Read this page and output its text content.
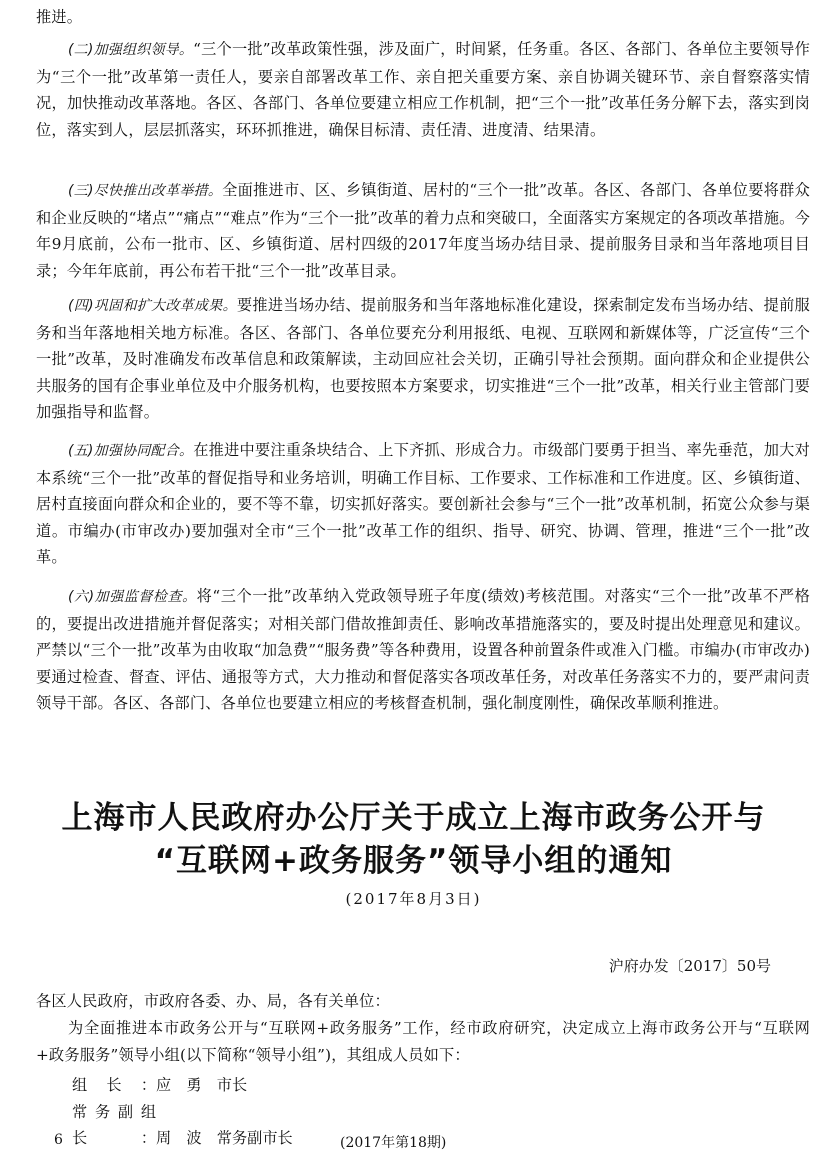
推进。

(二)加强组织领导。“三个一批”改革政策性强，涉及面广，时间紧，任务重。各区、各部门、各单位主要领导作为“三个一批”改革第一责任人，要亲自部署改革工作、亲自把关重要方案、亲自协调关键环节、亲自督察落实情况，加快推动改革落地。各区、各部门、各单位要建立相应工作机制，把“三个一批”改革任务分解下去，落实到岗位，落实到人，层层抓落实，环环抓推进，确保目标清、责任清、进度清、结果清。

(三)尽快推出改革举措。全面推进市、区、乡镇街道、居村的“三个一批”改革。各区、各部门、各单位要将群众和企业反映的“堵点”“痛点”“难点”作为“三个一批”改革的着力点和突破口，全面落实方案规定的各项改革措施。今年9月底前，公布一批市、区、乡镇街道、居村四级的2017年度当场办结目录、提前服务目录和当年落地项目目录；今年年底前，再公布若干批“三个一批”改革目录。

(四)巩固和扩大改革成果。要推进当场办结、提前服务和当年落地标准化建设，探索制定发布当场办结、提前服务和当年落地相关地方标准。各区、各部门、各单位要充分利用报纸、电视、互联网和新媒体等，广泛宣传“三个一批”改革，及时准确发布改革信息和政策解读，主动回应社会关切，正确引导社会预期。面向群众和企业提供公共服务的国有企事业单位及中介服务机构，也要按照本方案要求，切实推进“三个一批”改革，相关行业主管部门要加强指导和监督。

(五)加强协同配合。在推进中要注重条块结合、上下齐抓、形成合力。市级部门要勇于担当、率先垂范，加大对本系统“三个一批”改革的督促指导和业务培训，明确工作目标、工作要求、工作标准和工作进度。区、乡镇街道、居村直接面向群众和企业的，要不等不靠，切实抓好落实。要创新社会参与“三个一批”改革机制，拓宽公众参与渠道。市编办(市审改办)要加强对全市“三个一批”改革工作的组织、指导、研究、协调、管理，推进“三个一批”改革。

(六)加强监督检查。将“三个一批”改革纳入党政领导班子年度(绩效)考核范围。对落实“三个一批”改革不严格的，要提出改进措施并督促落实；对相关部门借故推卸责任、影响改革措施落实的，要及时提出处理意见和建议。严禁以“三个一批”改革为由收取“加急费”“服务费”等各种费用，设置各种前置条件或准入门槛。市编办(市审改办)要通过检查、督查、评估、通报等方式，大力推动和督促落实各项改革任务，对改革任务落实不力的，要严肃问责领导干部。各区、各部门、各单位也要建立相应的考核督查机制，强化制度刚性，确保改革顺利推进。

上海市人民政府办公厅关于成立上海市政务公开与
“互联网+政务服务”领导小组的通知
(2017年8月3日)
沪府办发〔2017〕50号

各区人民政府，市政府各委、办、局，各有关单位：

为全面推进本市政务公开与“互联网+政务服务”工作，经市政府研究，决定成立上海市政务公开与“互联网+政务服务”领导小组(以下简称“领导小组”)，其组成人员如下：

组长：应　勇　 市长
常务副组长：周　波　 常务副市长
6	(2017年第18期)
